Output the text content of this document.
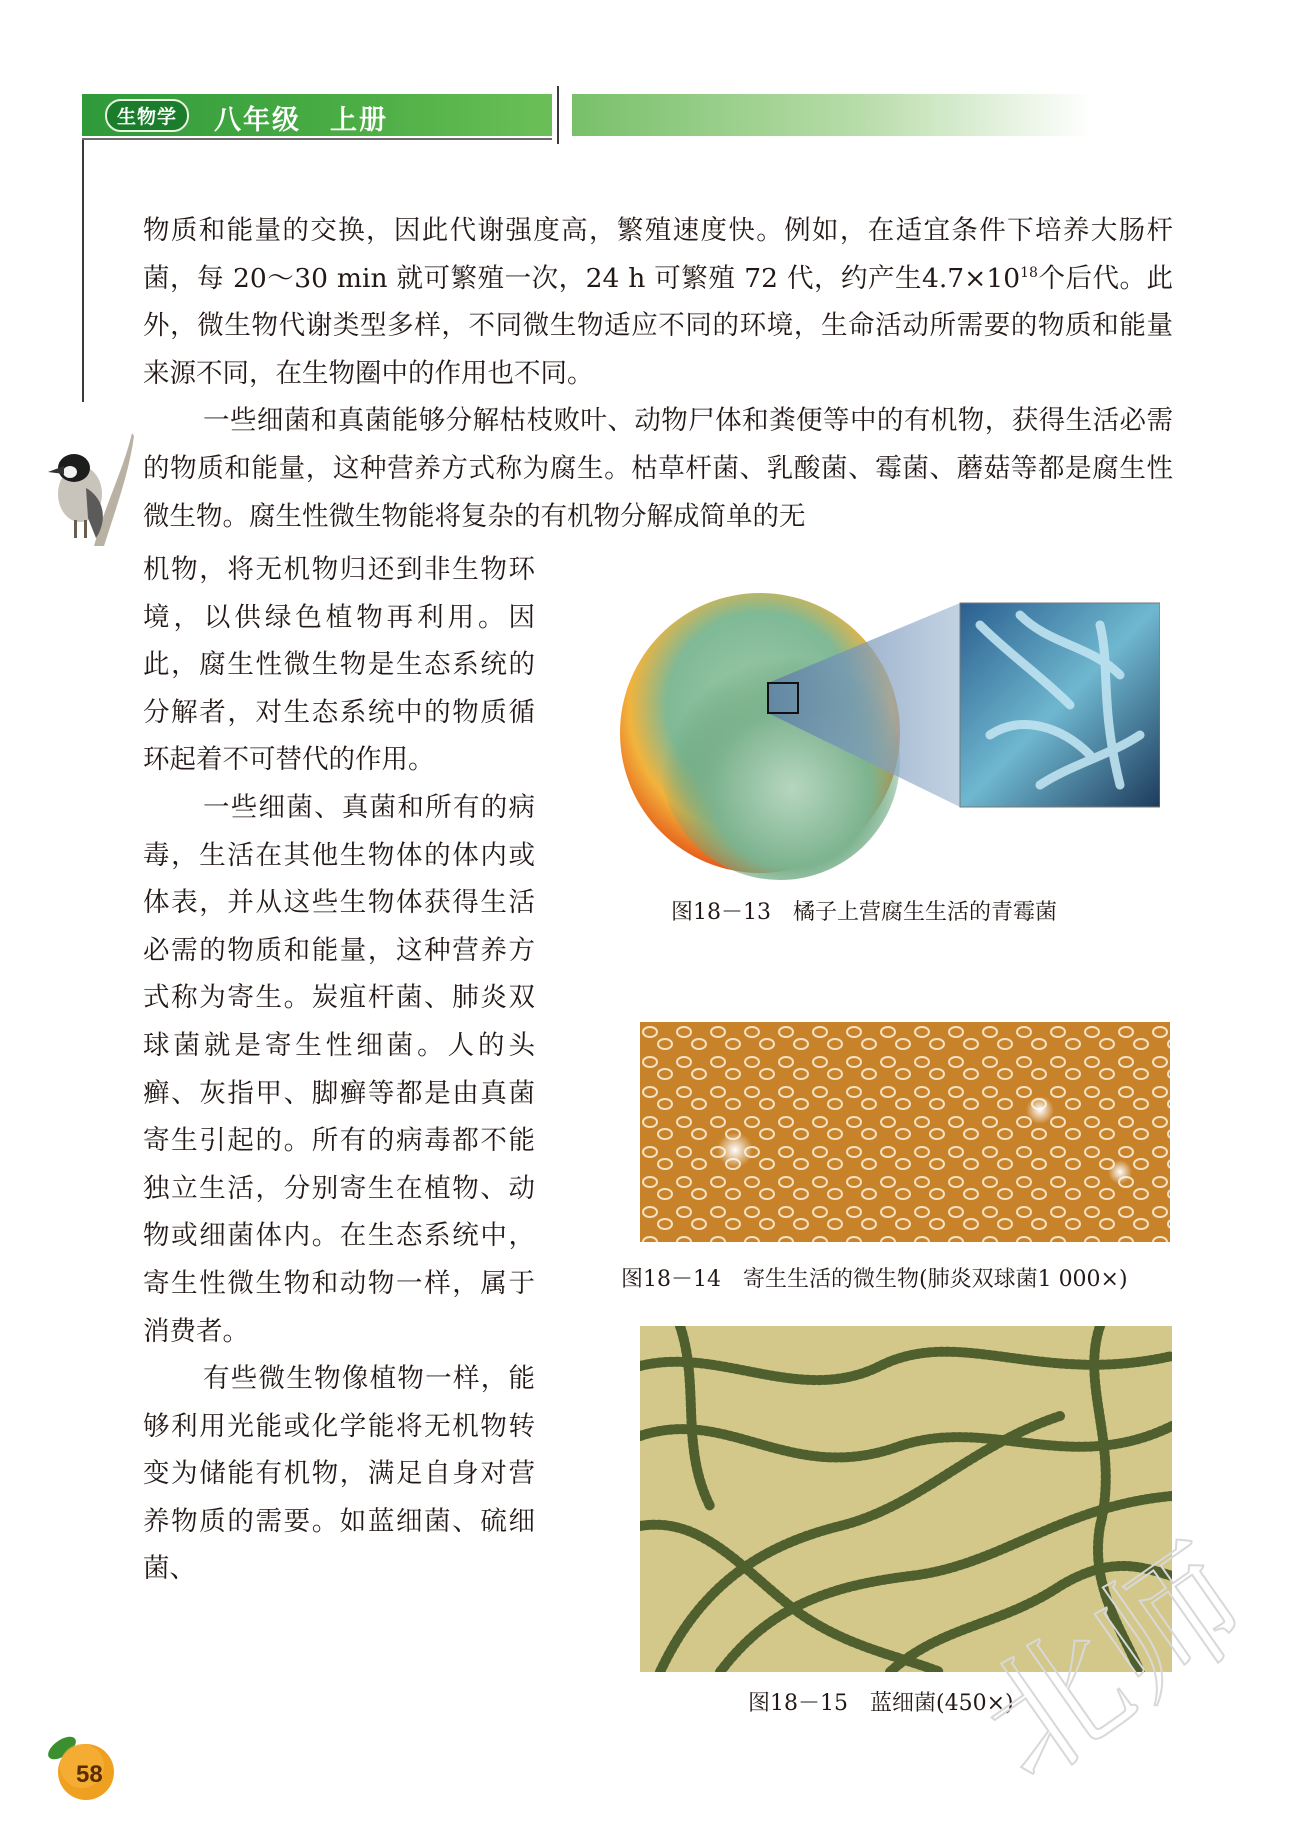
生物学	八年级　上册

物质和能量的交换，因此代谢强度高，繁殖速度快。例如，在适宜条件下培养大肠杆菌，每 20～30 min 就可繁殖一次，24 h 可繁殖 72 代，约产生$4.7\times 10^{18}$个后代。此外，微生物代谢类型多样，不同微生物适应不同的环境，生命活动所需要的物质和能量来源不同，在生物圈中的作用也不同。

一些细菌和真菌能够分解枯枝败叶、动物尸体和粪便等中的有机物，获得生活必需的物质和能量，这种营养方式称为腐生。枯草杆菌、乳酸菌、霉菌、蘑菇等都是腐生性微生物。腐生性微生物能将复杂的有机物分解成简单的无

机物，将无机物归还到非生物环境，以供绿色植物再利用。因此，腐生性微生物是生态系统的分解者，对生态系统中的物质循环起着不可替代的作用。

一些细菌、真菌和所有的病毒，生活在其他生物体的体内或体表，并从这些生物体获得生活必需的物质和能量，这种营养方式称为寄生。炭疽杆菌、肺炎双球菌就是寄生性细菌。人的头癣、灰指甲、脚癣等都是由真菌寄生引起的。所有的病毒都不能独立生活，分别寄生在植物、动物或细菌体内。在生态系统中，寄生性微生物和动物一样，属于消费者。

有些微生物像植物一样，能够利用光能或化学能将无机物转变为储能有机物，满足自身对营养物质的需要。如蓝细菌、硫细菌、

图18－13　橘子上营腐生生活的青霉菌
图18－14　寄生生活的微生物(肺炎双球菌1 000×)
图18－15　蓝细菌(450×)
北师
58
